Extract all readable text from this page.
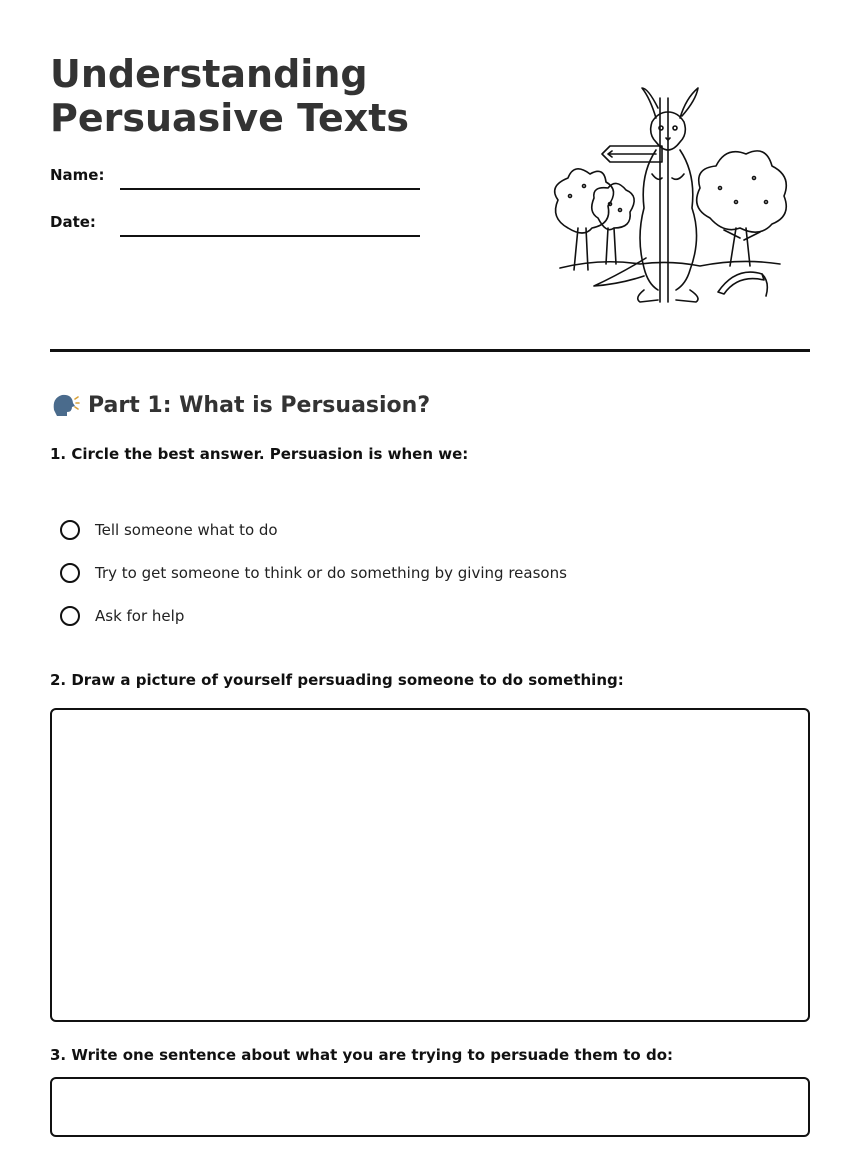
Understanding
Persuasive Texts
Name:
Date:
Part 1: What is Persuasion?
1. Circle the best answer. Persuasion is when we:
Tell someone what to do
Try to get someone to think or do something by giving reasons
Ask for help
2. Draw a picture of yourself persuading someone to do something:
3. Write one sentence about what you are trying to persuade them to do:
